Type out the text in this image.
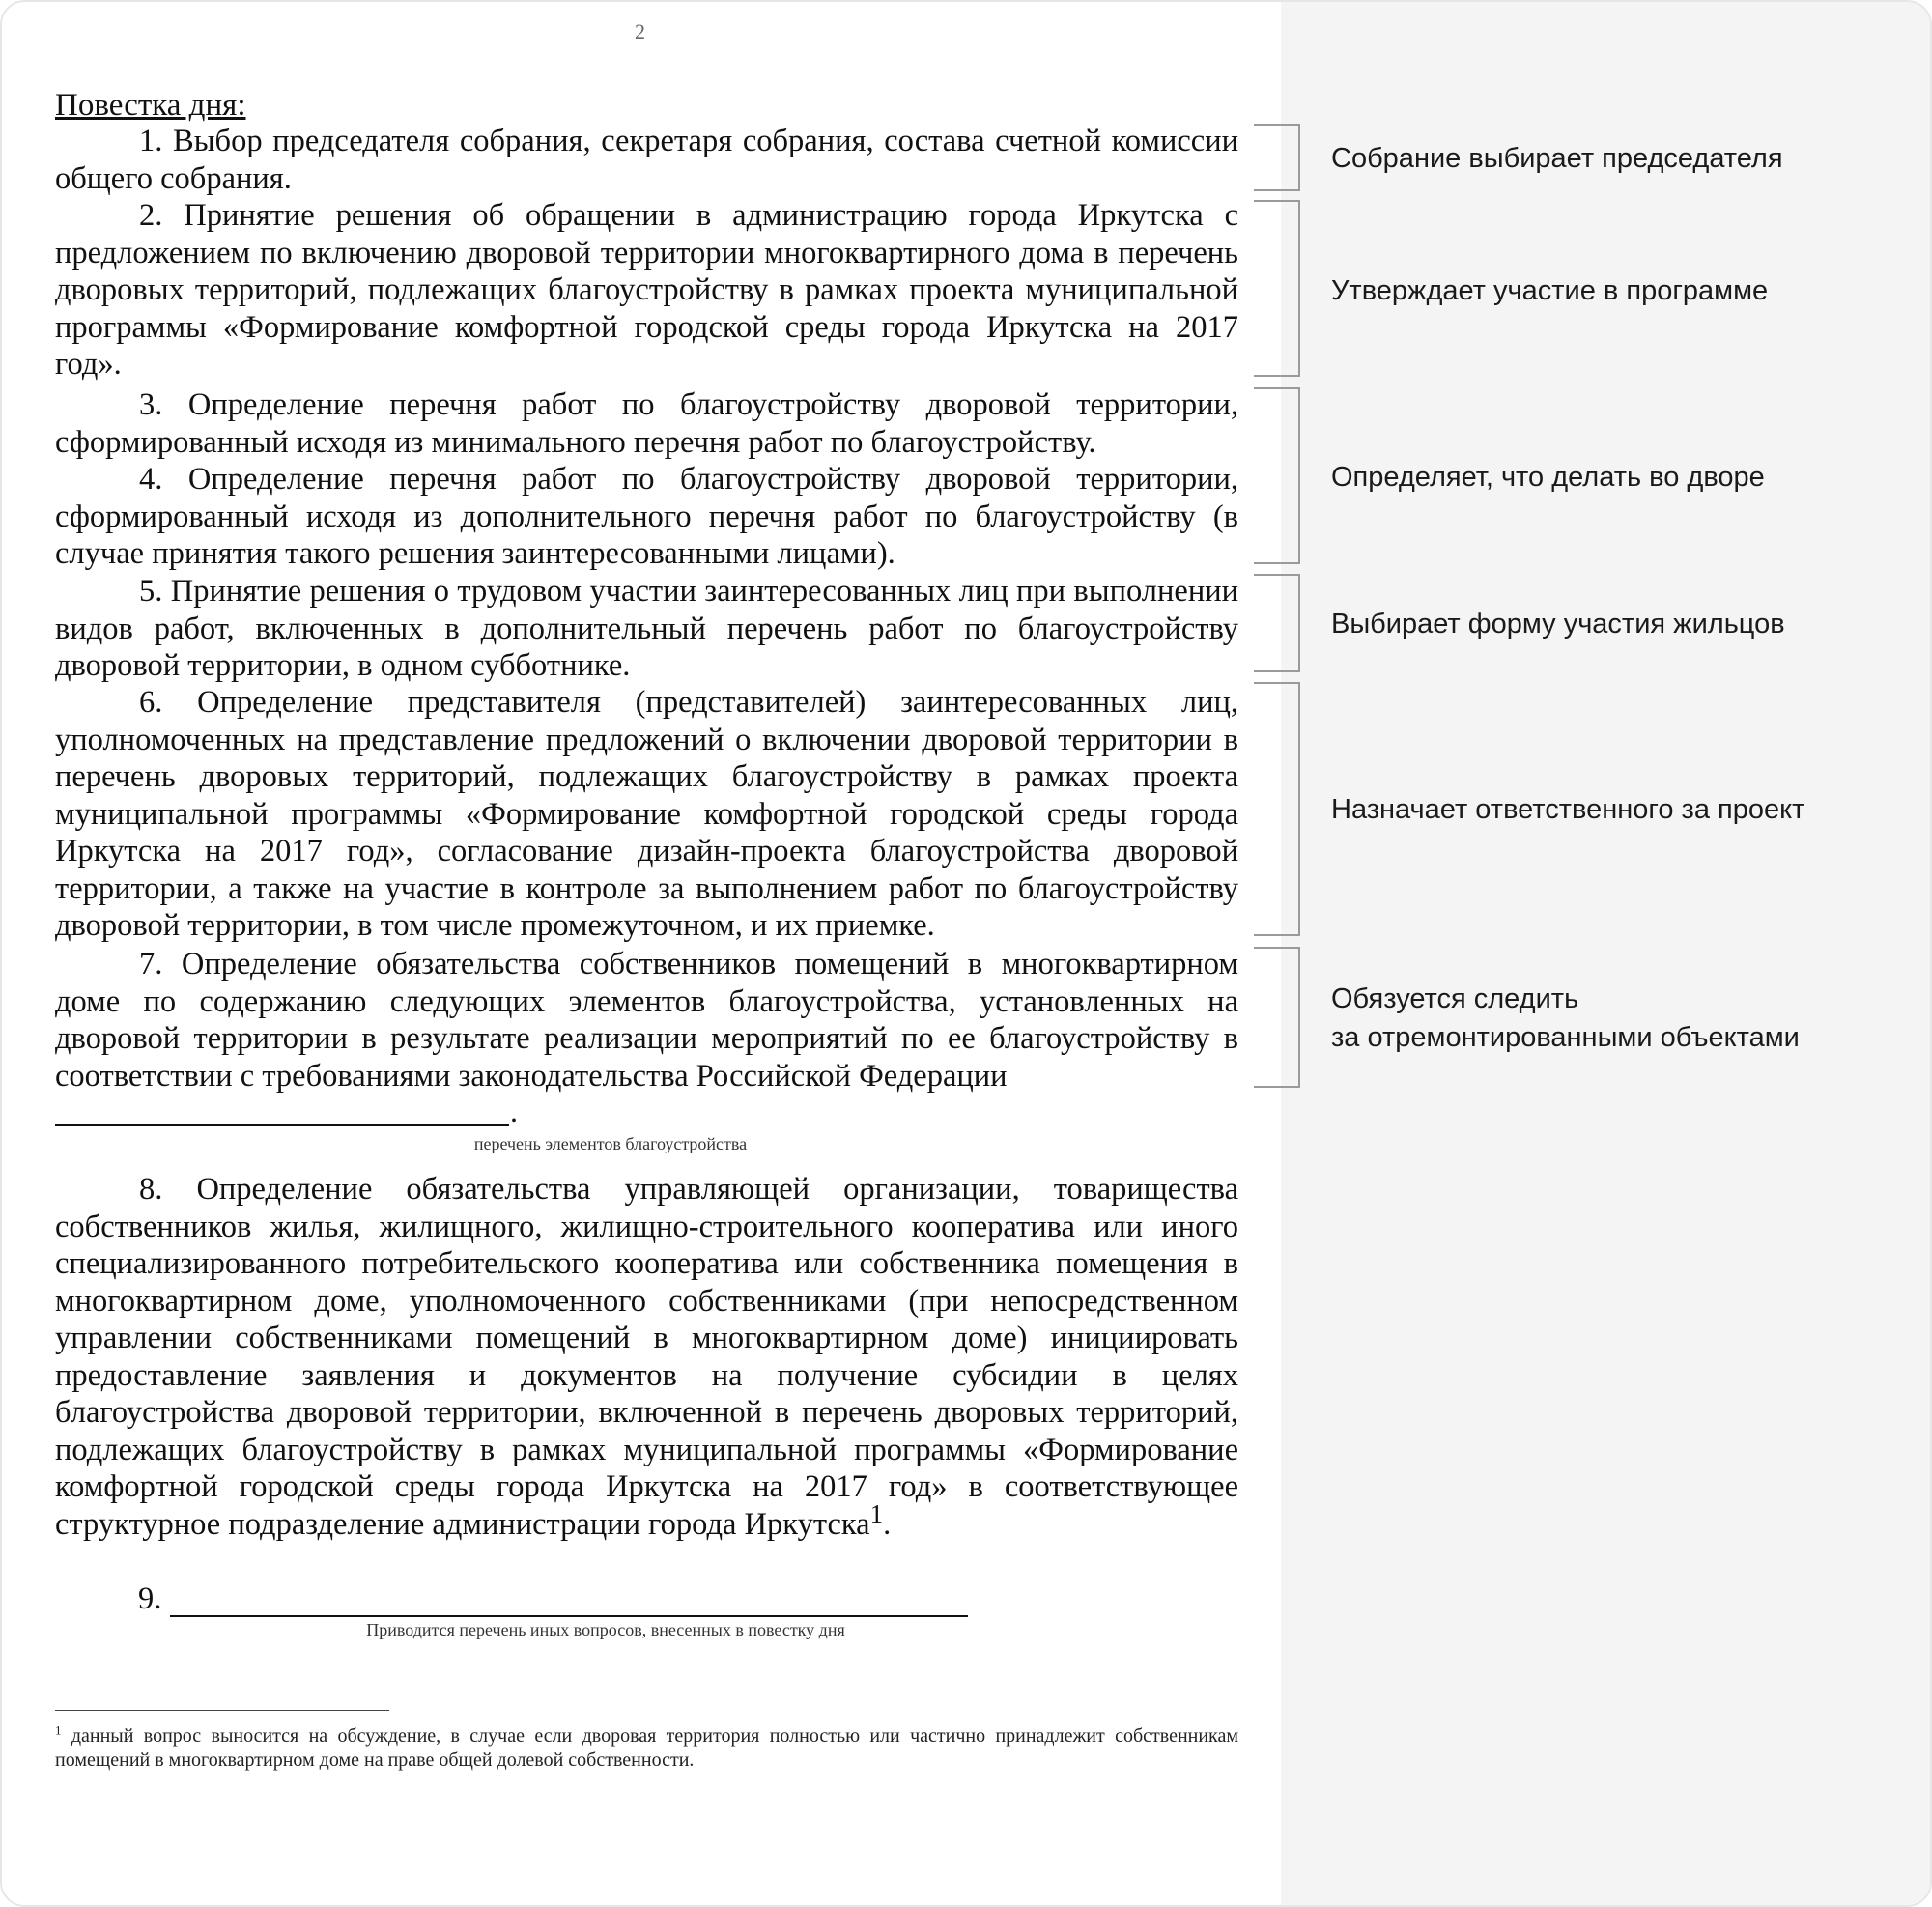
2

Повестка дня:

1. Выбор председателя собрания, секретаря собрания, состава счетной комиссии общего собрания.

2. Принятие решения об обращении в администрацию города Иркутска с предложением по включению дворовой территории многоквартирного дома в перечень дворовых территорий, подлежащих благоустройству в рамках проекта муниципальной программы «Формирование комфортной городской среды города Иркутска на 2017 год».

3. Определение перечня работ по благоустройству дворовой территории, сформированный исходя из минимального перечня работ по благоустройству.

4. Определение перечня работ по благоустройству дворовой территории, сформированный исходя из дополнительного перечня работ по благоустройству (в случае принятия такого решения заинтересованными лицами).

5. Принятие решения о трудовом участии заинтересованных лиц при выполнении видов работ, включенных в дополнительный перечень работ по благоустройству дворовой территории, в одном субботнике.

6. Определение представителя (представителей) заинтересованных лиц, уполномоченных на представление предложений о включении дворовой территории в перечень дворовых территорий, подлежащих благоустройству в рамках проекта муниципальной программы «Формирование комфортной городской среды города Иркутска на 2017 год», согласование дизайн-проекта благоустройства дворовой территории, а также на участие в контроле за выполнением работ по благоустройству дворовой территории, в том числе промежуточном, и их приемке.

7. Определение обязательства собственников помещений в многоквартирном доме по содержанию следующих элементов благоустройства, установленных на дворовой территории в результате реализации мероприятий по ее благоустройству в соответствии с требованиями законодательства Российской Федерации

.

перечень элементов благоустройства

8. Определение обязательства управляющей организации, товарищества собственников жилья, жилищного, жилищно-строительного кооператива или иного специализированного потребительского кооператива или собственника помещения в многоквартирном доме, уполномоченного собственниками (при непосредственном управлении собственниками помещений в многоквартирном доме) инициировать предоставление заявления и документов на получение субсидии в целях благоустройства дворовой территории, включенной в перечень дворовых территорий, подлежащих благоустройству в рамках муниципальной программы «Формирование комфортной городской среды города Иркутска на 2017 год» в соответствующее структурное подразделение администрации города Иркутска$^1$.

9.

Приводится перечень иных вопросов, внесенных в повестку дня

$^1$ данный вопрос выносится на обсуждение, в случае если дворовая территория полностью или частично принадлежит собственникам помещений в многоквартирном доме на праве общей долевой собственности.

Собрание выбирает председателя

Утверждает участие в программе

Определяет, что делать во дворе

Выбирает форму участия жильцов

Назначает ответственного за проект

Обязуется следить
за отремонтированными объектами
